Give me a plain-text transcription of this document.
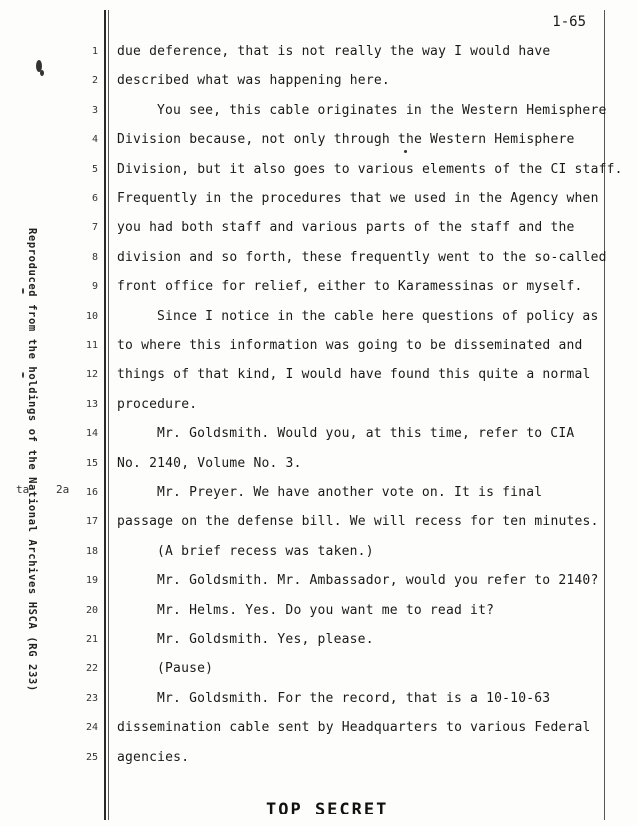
1-65
Reproduced from the holdings of the National Archives HSCA (RG 233)
ta 2a
1 due deference, that is not really the way I would have
2 described what was happening here.
3	You see, this cable originates in the Western Hemisphere
4 Division because, not only through the Western Hemisphere
5 Division, but it also goes to various elements of the CI staff.
6 Frequently in the procedures that we used in the Agency when
7 you had both staff and various parts of the staff and the
8 division and so forth, these frequently went to the so-called
9 front office for relief, either to Karamessinas or myself.
10	Since I notice in the cable here questions of policy as
11 to where this information was going to be disseminated and
12 things of that kind, I would have found this quite a normal
13 procedure.
14	Mr. Goldsmith. Would you, at this time, refer to CIA
15 No. 2140, Volume No. 3.
16	Mr. Preyer. We have another vote on. It is final
17 passage on the defense bill. We will recess for ten minutes.
18	(A brief recess was taken.)
19	Mr. Goldsmith. Mr. Ambassador, would you refer to 2140?
20	Mr. Helms. Yes. Do you want me to read it?
21	Mr. Goldsmith. Yes, please.
22	(Pause)
23	Mr. Goldsmith. For the record, that is a 10-10-63
24 dissemination cable sent by Headquarters to various Federal
25 agencies.
TOP SECRET
